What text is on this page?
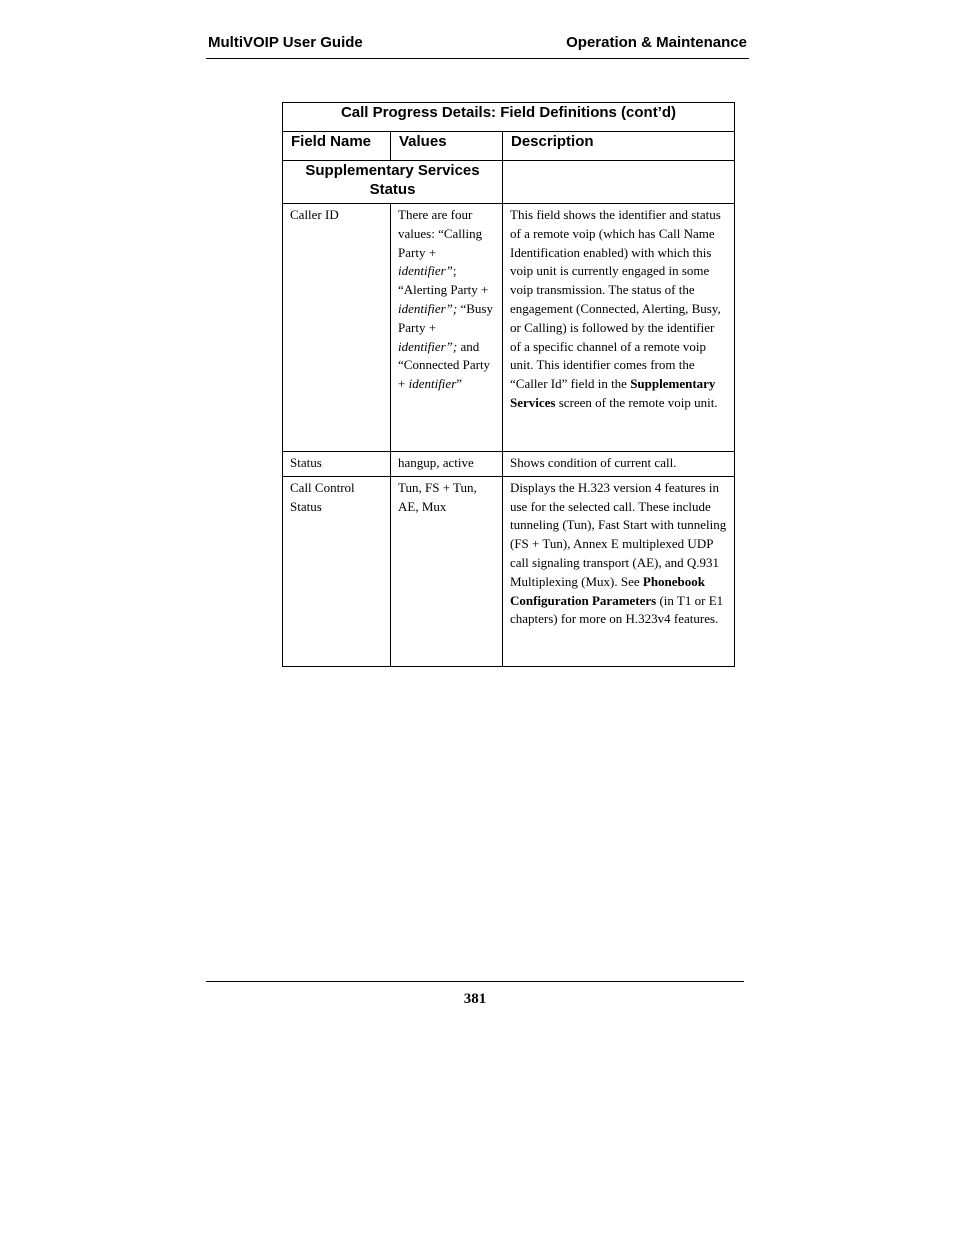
MultiVOIP User Guide	Operation & Maintenance
Call Progress Details: Field Definitions (cont’d)		
Field Name	Values	Description
Supplementary Services Status		
Caller ID	There are four values: “Calling Party + identifier”; “Alerting Party + identifier”; “Busy Party + identifier”; and “Connected Party + identifier”	This field shows the identifier and status of a remote voip (which has Call Name Identification enabled) with which this voip unit is currently engaged in some voip transmission. The status of the engagement (Connected, Alerting, Busy, or Calling) is followed by the identifier of a specific channel of a remote voip unit. This identifier comes from the “Caller Id” field in the Supplementary Services screen of the remote voip unit.
Status	hangup, active	Shows condition of current call.
Call Control Status	Tun, FS + Tun, AE, Mux	Displays the H.323 version 4 features in use for the selected call. These include tunneling (Tun), Fast Start with tunneling (FS + Tun), Annex E multiplexed UDP call signaling transport (AE), and Q.931 Multiplexing (Mux). See Phonebook Configuration Parameters (in T1 or E1 chapters) for more on H.323v4 features.
381
